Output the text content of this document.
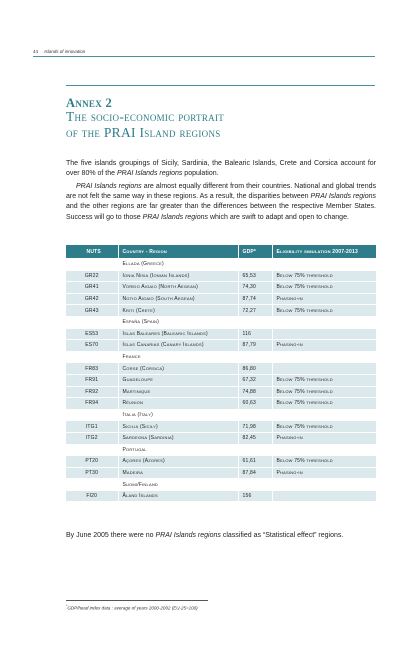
44 Islands of innovation
Annex 2
The socio-economic portrait
of the PRAI Island regions
The five islands groupings of Sicily, Sardinia, the Balearic Islands, Crete and Corsica account for over 80% of the PRAI Islands regions population.
PRAI Islands regions are almost equally different from their countries. National and global trends are not felt the same way in these regions. As a result, the disparities between PRAI Islands regions and the other regions are far greater than the differences between the respective Member States. Success will go to those PRAI Islands regions which are swift to adapt and open to change.
NUTS	Country - Region	GDP*	Eligibility simulation 2007-2013
	Ellada (Greece)		
GR22	Ionia Nisia (Ionian Islands)	65,53	Below 75% threshold
GR41	Voreio Aigaio (North Aegean)	74,30	Below 75% threshold
GR42	Notio Aigaio (South Aegean)	87,74	Phasing-in
GR43	Kriti (Crete)	72,27	Below 75% threshold
	España (Spain)		
ES53	Islas Baleares (Balearic Islands)	116	
ES70	Islas Canarias (Canary Islands)	87,79	Phasing-in
	France		
FR83	Corse (Corsica)	86,80	
FR91	Guadeloupe	67,32	Below 75% threshold
FR92	Martinique	74,88	Below 75% threshold
FR94	Réunion	60,63	Below 75% threshold
	Italia (Italy)		
ITG1	Sicilia (Sicily)	71,98	Below 75% threshold
ITG2	Sardegna (Sardinia)	82,45	Phasing-in
	Portugal		
PT20	Açores (Azores)	61,61	Below 75% threshold
PT30	Madeira	87,84	Phasing-in
	Suomi/Finland		
FI20	Åland Islands	156	
By June 2005 there were no PRAI Islands regions classified as “Statistical effect” regions.
*GDP/head index data : average of years 2000-2002 (EU-25=100)
